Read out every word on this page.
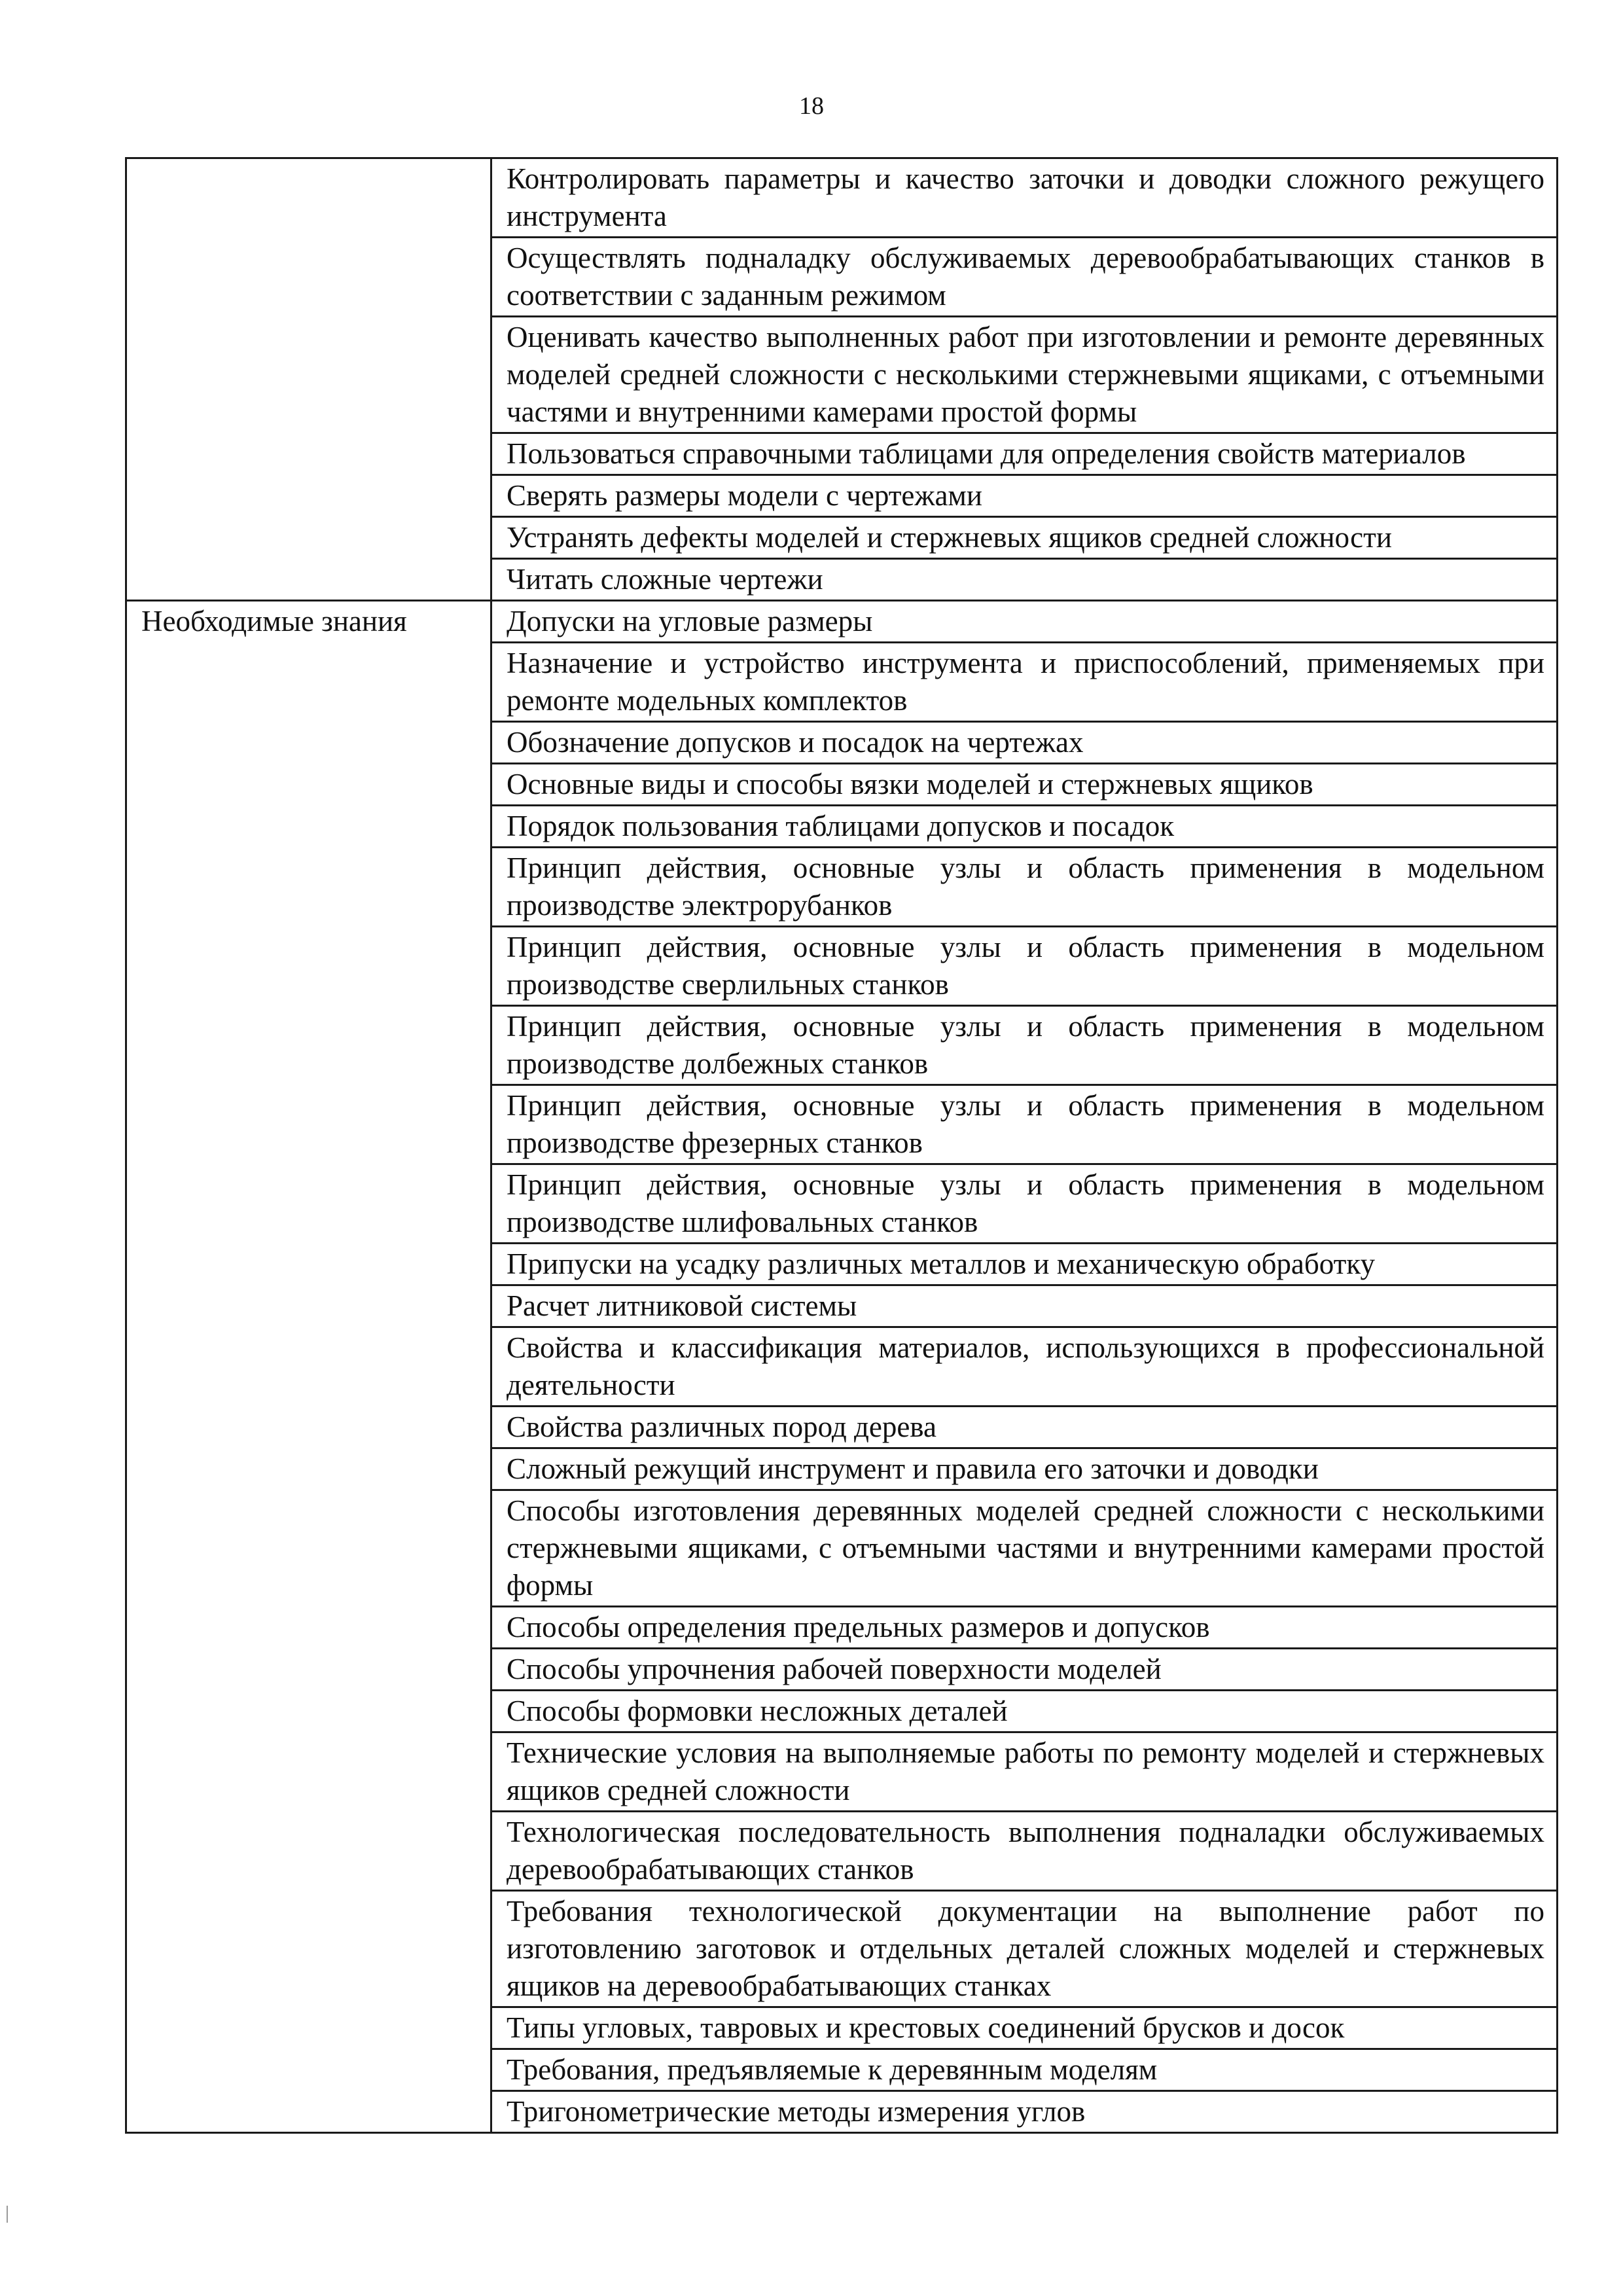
18
	Контролировать параметры и качество заточки и доводки сложного режущего инструмента
	Осуществлять подналадку обслуживаемых деревообрабатывающих станков в соответствии с заданным режимом
	Оценивать качество выполненных работ при изготовлении и ремонте деревянных моделей средней сложности с несколькими стержневыми ящиками, с отъемными частями и внутренними камерами простой формы
	Пользоваться справочными таблицами для определения свойств материалов
	Сверять размеры модели с чертежами
	Устранять дефекты моделей и стержневых ящиков средней сложности
	Читать сложные чертежи
Необходимые знания	Допуски на угловые размеры
	Назначение и устройство инструмента и приспособлений, применяемых при ремонте модельных комплектов
	Обозначение допусков и посадок на чертежах
	Основные виды и способы вязки моделей и стержневых ящиков
	Порядок пользования таблицами допусков и посадок
	Принцип действия, основные узлы и область применения в модельном производстве электрорубанков
	Принцип действия, основные узлы и область применения в модельном производстве сверлильных станков
	Принцип действия, основные узлы и область применения в модельном производстве долбежных станков
	Принцип действия, основные узлы и область применения в модельном производстве фрезерных станков
	Принцип действия, основные узлы и область применения в модельном производстве шлифовальных станков
	Припуски на усадку различных металлов и механическую обработку
	Расчет литниковой системы
	Свойства и классификация материалов, использующихся в профессиональной деятельности
	Свойства различных пород дерева
	Сложный режущий инструмент и правила его заточки и доводки
	Способы изготовления деревянных моделей средней сложности с несколькими стержневыми ящиками, с отъемными частями и внутренними камерами простой формы
	Способы определения предельных размеров и допусков
	Способы упрочнения рабочей поверхности моделей
	Способы формовки несложных деталей
	Технические условия на выполняемые работы по ремонту моделей и стержневых ящиков средней сложности
	Технологическая последовательность выполнения подналадки обслуживаемых деревообрабатывающих станков
	Требования технологической документации на выполнение работ по изготовлению заготовок и отдельных деталей сложных моделей и стержневых ящиков на деревообрабатывающих станках
	Типы угловых, тавровых и крестовых соединений брусков и досок
	Требования, предъявляемые к деревянным моделям
	Тригонометрические методы измерения углов
